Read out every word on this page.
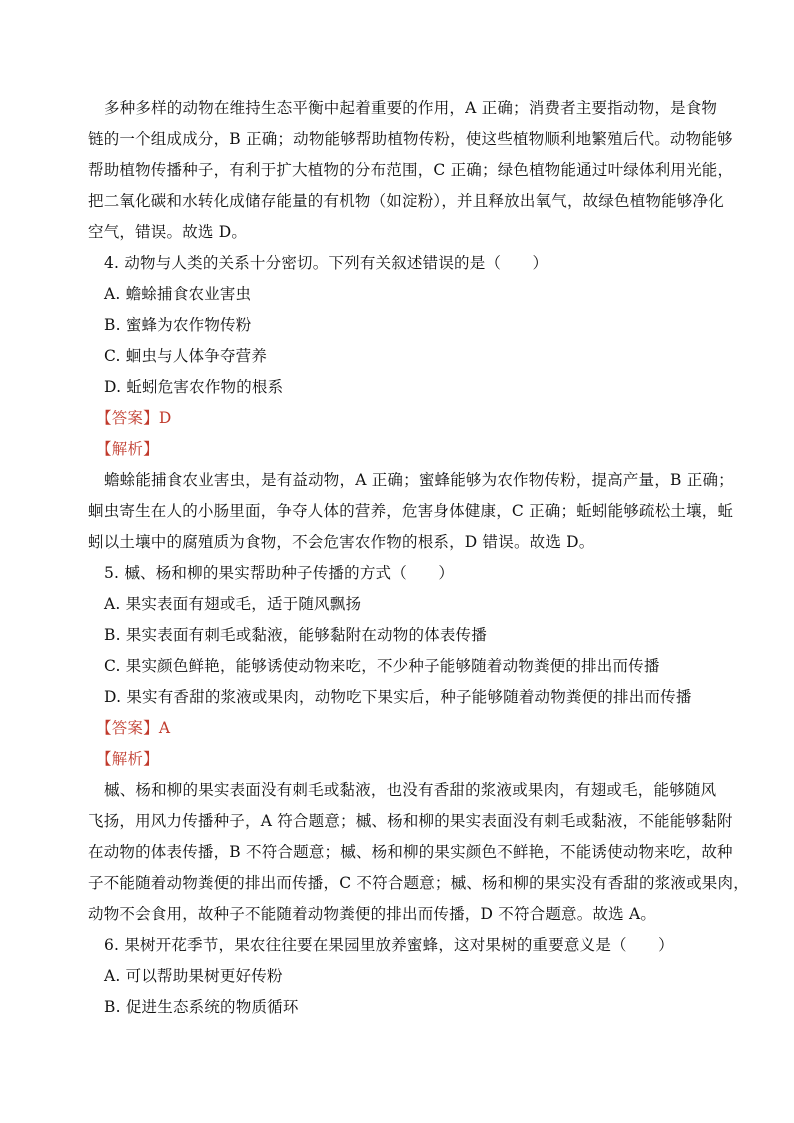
多种多样的动物在维持生态平衡中起着重要的作用，A 正确；消费者主要指动物，是食物
链的一个组成成分，B 正确；动物能够帮助植物传粉，使这些植物顺利地繁殖后代。动物能够
帮助植物传播种子，有利于扩大植物的分布范围，C 正确；绿色植物能通过叶绿体利用光能，
把二氧化碳和水转化成储存能量的有机物（如淀粉），并且释放出氧气，故绿色植物能够净化
空气，错误。故选 D。
4. 动物与人类的关系十分密切。下列有关叙述错误的是（　　）
A. 蟾蜍捕食农业害虫
B. 蜜蜂为农作物传粉
C. 蛔虫与人体争夺营养
D. 蚯蚓危害农作物的根系
【答案】D
【解析】
蟾蜍能捕食农业害虫，是有益动物，A 正确；蜜蜂能够为农作物传粉，提高产量，B 正确；
蛔虫寄生在人的小肠里面，争夺人体的营养，危害身体健康，C 正确；蚯蚓能够疏松土壤，蚯
蚓以土壤中的腐殖质为食物，不会危害农作物的根系，D 错误。故选 D。
5. 槭、杨和柳的果实帮助种子传播的方式（　　）
A. 果实表面有翅或毛，适于随风飘扬
B. 果实表面有刺毛或黏液，能够黏附在动物的体表传播
C. 果实颜色鲜艳，能够诱使动物来吃，不少种子能够随着动物粪便的排出而传播
D. 果实有香甜的浆液或果肉，动物吃下果实后，种子能够随着动物粪便的排出而传播
【答案】A
【解析】
槭、杨和柳的果实表面没有刺毛或黏液，也没有香甜的浆液或果肉，有翅或毛，能够随风
飞扬，用风力传播种子，A 符合题意；槭、杨和柳的果实表面没有刺毛或黏液，不能能够黏附
在动物的体表传播，B 不符合题意；槭、杨和柳的果实颜色不鲜艳，不能诱使动物来吃，故种
子不能随着动物粪便的排出而传播，C 不符合题意；槭、杨和柳的果实没有香甜的浆液或果肉，
动物不会食用，故种子不能随着动物粪便的排出而传播，D 不符合题意。故选 A。
6. 果树开花季节，果农往往要在果园里放养蜜蜂，这对果树的重要意义是（　　）
A. 可以帮助果树更好传粉
B. 促进生态系统的物质循环
